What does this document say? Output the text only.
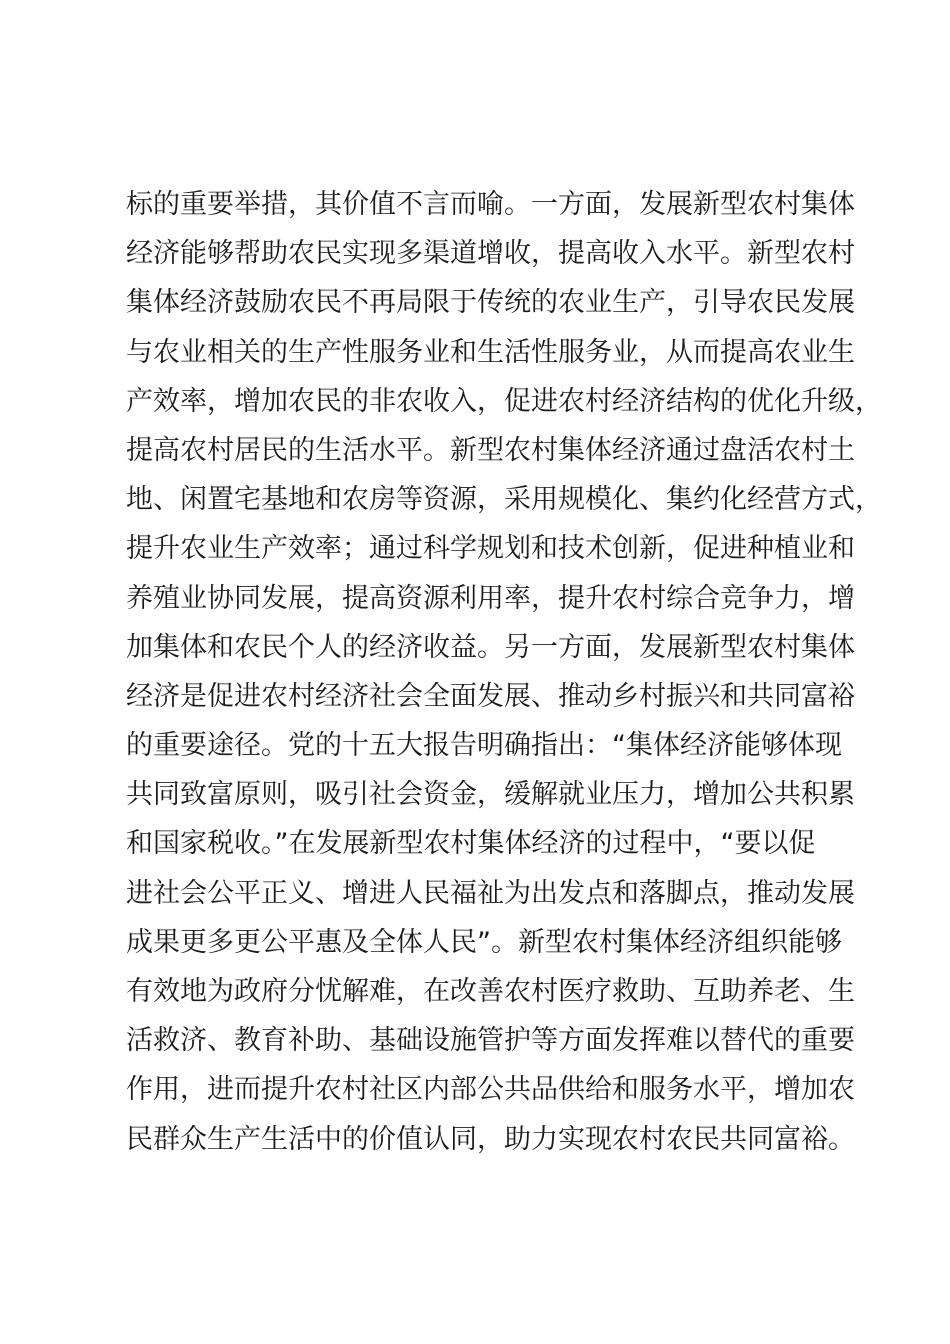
标的重要举措，其价值不言而喻。一方面，发展新型农村集体
经济能够帮助农民实现多渠道增收，提高收入水平。新型农村
集体经济鼓励农民不再局限于传统的农业生产，引导农民发展
与农业相关的生产性服务业和生活性服务业，从而提高农业生
产效率，增加农民的非农收入，促进农村经济结构的优化升级，
提高农村居民的生活水平。新型农村集体经济通过盘活农村土
地、闲置宅基地和农房等资源，采用规模化、集约化经营方式，
提升农业生产效率；通过科学规划和技术创新，促进种植业和
养殖业协同发展，提高资源利用率，提升农村综合竞争力，增
加集体和农民个人的经济收益。另一方面，发展新型农村集体
经济是促进农村经济社会全面发展、推动乡村振兴和共同富裕
的重要途径。党的十五大报告明确指出：“集体经济能够体现
共同致富原则，吸引社会资金，缓解就业压力，增加公共积累
和国家税收。”在发展新型农村集体经济的过程中，“要以促
进社会公平正义、增进人民福祉为出发点和落脚点，推动发展
成果更多更公平惠及全体人民”。新型农村集体经济组织能够
有效地为政府分忧解难，在改善农村医疗救助、互助养老、生
活救济、教育补助、基础设施管护等方面发挥难以替代的重要
作用，进而提升农村社区内部公共品供给和服务水平，增加农
民群众生产生活中的价值认同，助力实现农村农民共同富裕。
